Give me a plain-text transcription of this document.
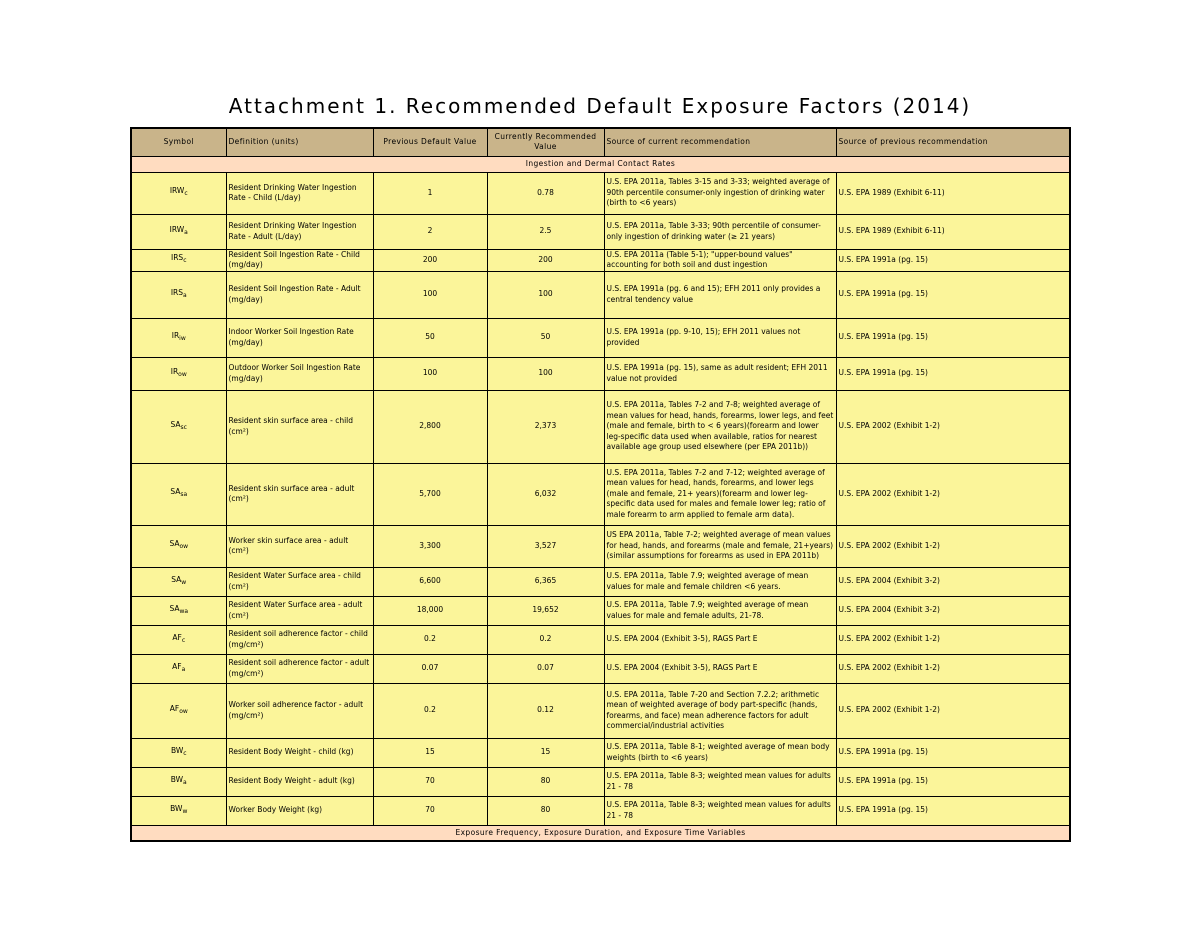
Attachment 1. Recommended Default Exposure Factors (2014)
Symbol	Definition (units)	Previous Default Value	Currently Recommended Value	Source of current recommendation	Source of previous recommendation
Ingestion and Dermal Contact Rates					
$IRW_c$	Resident Drinking Water Ingestion Rate - Child (L/day)	1	0.78	U.S. EPA 2011a, Tables 3-15 and 3-33; weighted average of 90th percentile consumer-only ingestion of drinking water (birth to <6 years)	U.S. EPA 1989 (Exhibit 6-11)
$IRW_a$	Resident Drinking Water Ingestion Rate - Adult (L/day)	2	2.5	U.S. EPA 2011a, Table 3-33; 90th percentile of consumer-only ingestion of drinking water (≥ 21 years)	U.S. EPA 1989 (Exhibit 6-11)
$IRS_c$	Resident Soil Ingestion Rate - Child (mg/day)	200	200	U.S. EPA 2011a (Table 5-1); "upper-bound values" accounting for both soil and dust ingestion	U.S. EPA 1991a (pg. 15)
$IRS_a$	Resident Soil Ingestion Rate - Adult (mg/day)	100	100	U.S. EPA 1991a (pg. 6 and 15); EFH 2011 only provides a central tendency value	U.S. EPA 1991a (pg. 15)
$IR_{iw}$	Indoor Worker Soil Ingestion Rate (mg/day)	50	50	U.S. EPA 1991a (pp. 9-10, 15); EFH 2011 values not provided	U.S. EPA 1991a (pg. 15)
$IR_{ow}$	Outdoor Worker Soil Ingestion Rate (mg/day)	100	100	U.S. EPA 1991a (pg. 15), same as adult resident; EFH 2011 value not provided	U.S. EPA 1991a (pg. 15)
$SA_{sc}$	Resident skin surface area - child (cm²)	2,800	2,373	U.S. EPA 2011a, Tables 7-2 and 7-8; weighted average of mean values for head, hands, forearms, lower legs, and feet (male and female, birth to < 6 years)(forearm and lower leg-specific data used when available, ratios for nearest available age group used elsewhere (per EPA 2011b))	U.S. EPA 2002 (Exhibit 1-2)
$SA_{sa}$	Resident skin surface area - adult (cm²)	5,700	6,032	U.S. EPA 2011a, Tables 7-2 and 7-12; weighted average of mean values for head, hands, forearms, and lower legs (male and female, 21+ years)(forearm and lower leg-specific data used for males and female lower leg; ratio of male forearm to arm applied to female arm data).	U.S. EPA 2002 (Exhibit 1-2)
$SA_{ow}$	Worker skin surface area - adult (cm²)	3,300	3,527	US EPA 2011a, Table 7-2; weighted average of mean values for head, hands, and forearms (male and female, 21+years) (similar assumptions for forearms as used in EPA 2011b)	U.S. EPA 2002 (Exhibit 1-2)
$SA_w$	Resident Water Surface area - child (cm²)	6,600	6,365	U.S. EPA 2011a, Table 7.9; weighted average of mean values for male and female children <6 years.	U.S. EPA 2004 (Exhibit 3-2)
$SA_{wa}$	Resident Water Surface area - adult (cm²)	18,000	19,652	U.S. EPA 2011a, Table 7.9; weighted average of mean values for male and female adults, 21-78.	U.S. EPA 2004 (Exhibit 3-2)
$AF_c$	Resident soil adherence factor - child (mg/cm²)	0.2	0.2	U.S. EPA 2004 (Exhibit 3-5), RAGS Part E	U.S. EPA 2002 (Exhibit 1-2)
$AF_a$	Resident soil adherence factor - adult (mg/cm²)	0.07	0.07	U.S. EPA 2004 (Exhibit 3-5), RAGS Part E	U.S. EPA 2002 (Exhibit 1-2)
$AF_{ow}$	Worker soil adherence factor - adult (mg/cm²)	0.2	0.12	U.S. EPA 2011a, Table 7-20 and Section 7.2.2; arithmetic mean of weighted average of body part-specific (hands, forearms, and face) mean adherence factors for adult commercial/industrial activities	U.S. EPA 2002 (Exhibit 1-2)
$BW_c$	Resident Body Weight - child (kg)	15	15	U.S. EPA 2011a, Table 8-1; weighted average of mean body weights (birth to <6 years)	U.S. EPA 1991a (pg. 15)
$BW_a$	Resident Body Weight - adult (kg)	70	80	U.S. EPA 2011a, Table 8-3; weighted mean values for adults 21 - 78	U.S. EPA 1991a (pg. 15)
$BW_w$	Worker Body Weight (kg)	70	80	U.S. EPA 2011a, Table 8-3; weighted mean values for adults 21 - 78	U.S. EPA 1991a (pg. 15)
Exposure Frequency, Exposure Duration, and Exposure Time Variables					
